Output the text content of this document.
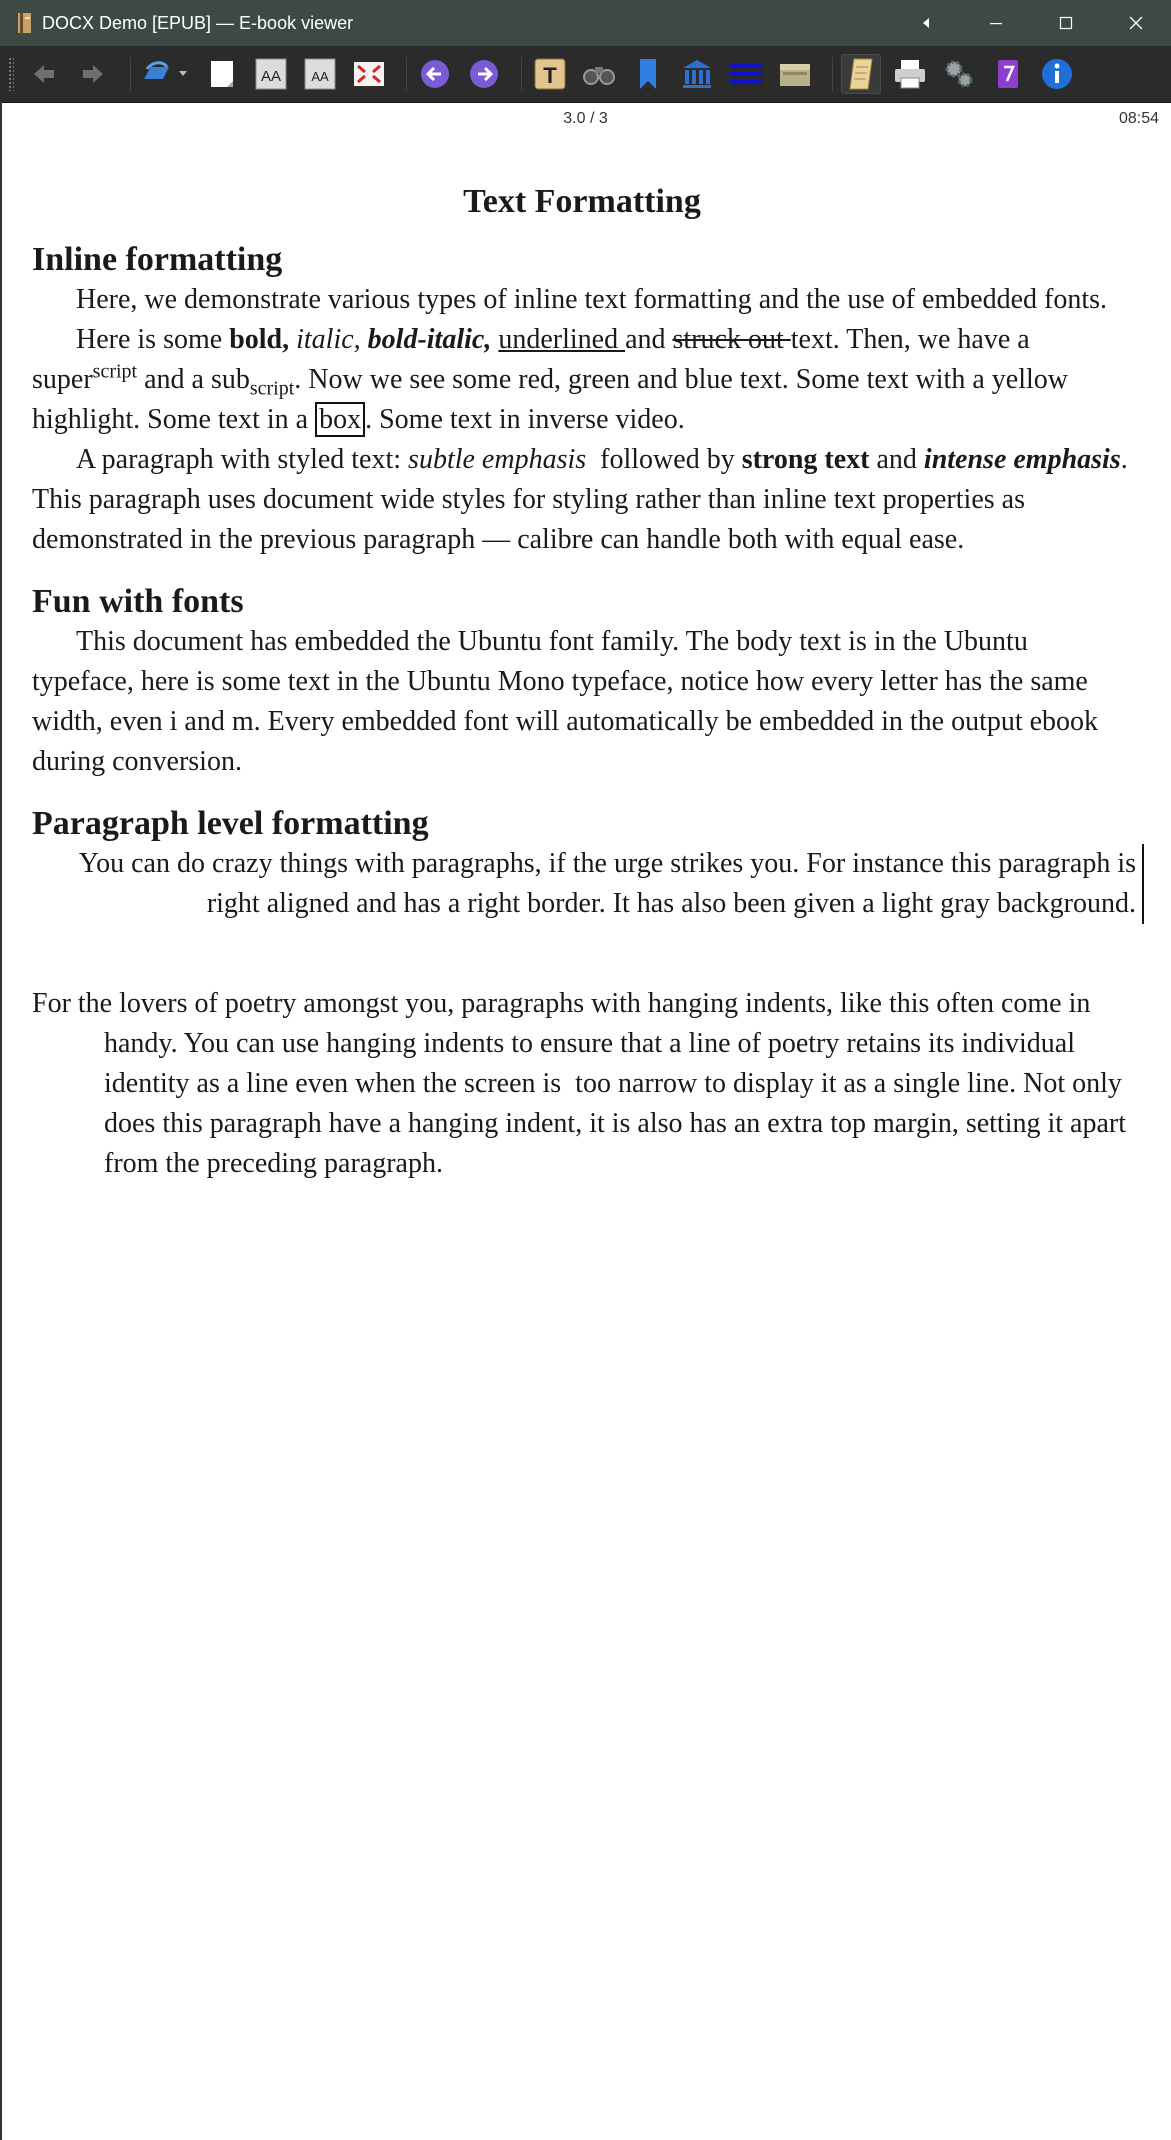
DOCX Demo [EPUB] — E-book viewer
AA AA	T
3.0 / 3	08:54
Text Formatting
Inline formatting

Here, we demonstrate various types of inline text formatting and the use of embedded fonts.

Here is some bold, italic, bold-italic, underlined and struck out text. Then, we have a super$^{script}$ and a sub$_{script}$. Now we see some red, green and blue text. Some text with a yellow highlight. Some text in a box . Some text in inverse video.

A paragraph with styled text: subtle emphasis  followed by strong text and intense emphasis. This paragraph uses document wide styles for styling rather than inline text properties as demonstrated in the previous paragraph — calibre can handle both with equal ease.

Fun with fonts

This document has embedded the Ubuntu font family. The body text is in the Ubuntu typeface, here is some text in the Ubuntu Mono typeface, notice how every letter has the same width, even i and m. Every embedded font will automatically be embedded in the output ebook during conversion.

Paragraph level formatting

You can do crazy things with paragraphs, if the urge strikes you. For instance this paragraph is right aligned and has a right border. It has also been given a light gray background.

For the lovers of poetry amongst you, paragraphs with hanging indents, like this often come in handy. You can use hanging indents to ensure that a line of poetry retains its individual identity as a line even when the screen is  too narrow to display it as a single line. Not only does this paragraph have a hanging indent, it is also has an extra top margin, setting it apart from the preceding paragraph.
